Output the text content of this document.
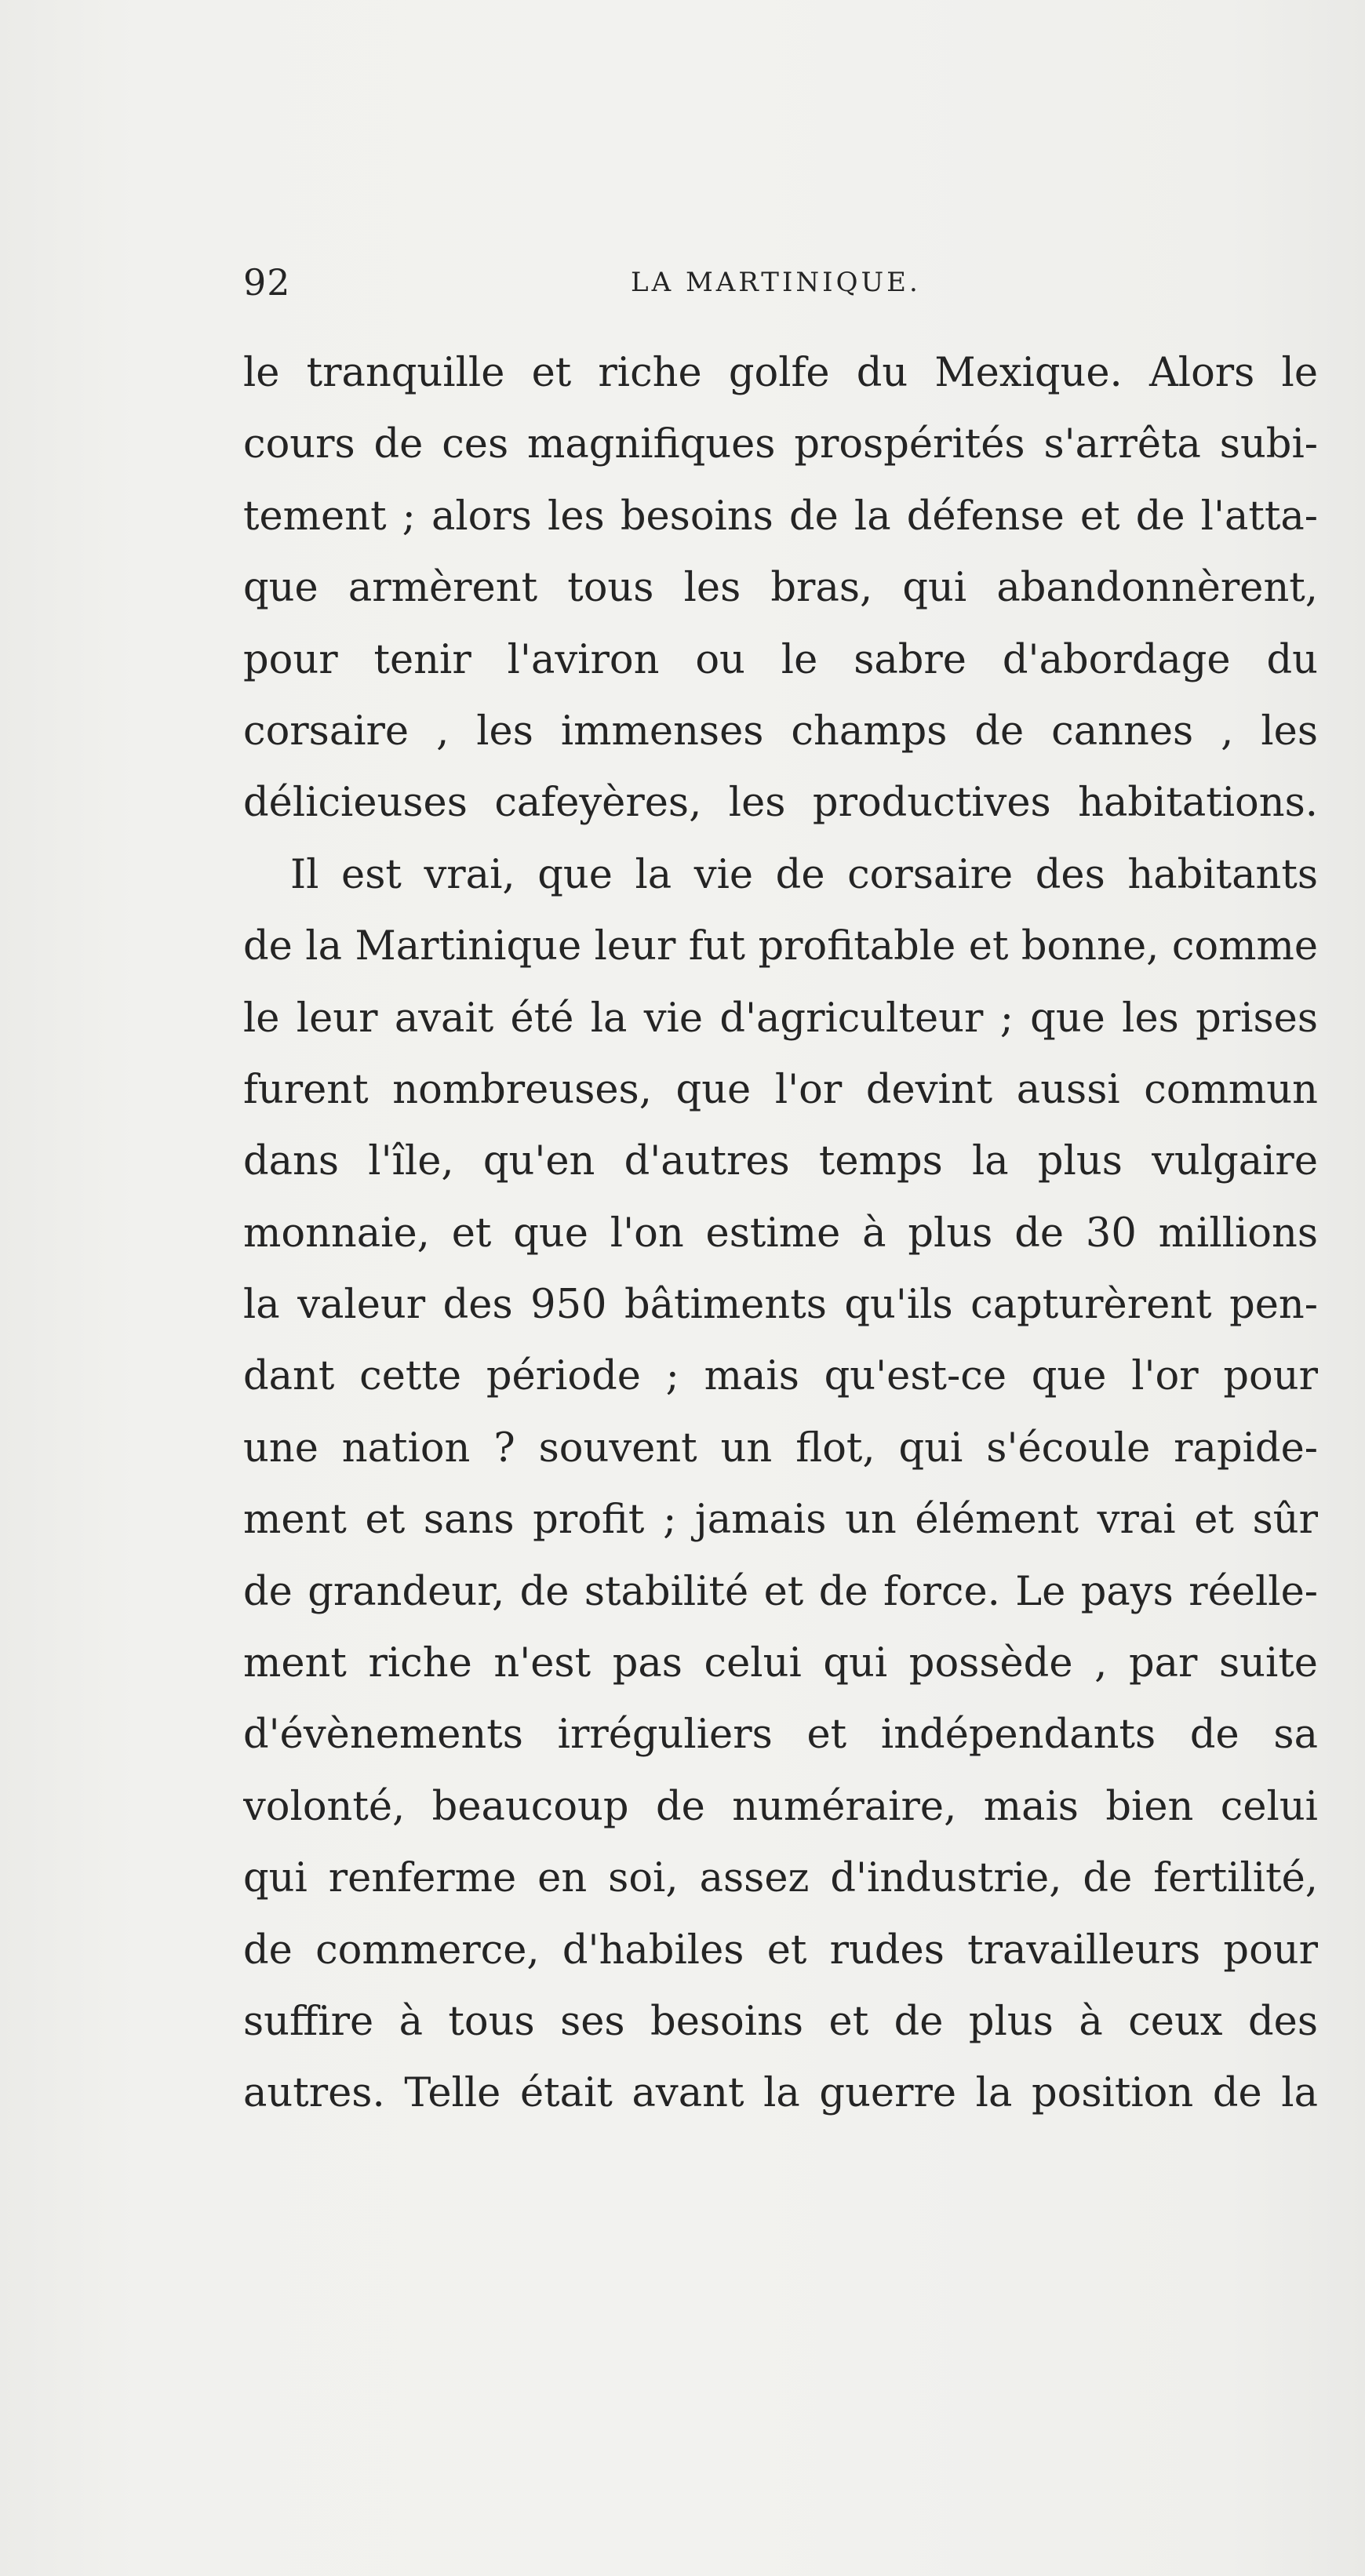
92	LA MARTINIQUE.
le tranquille et riche golfe du Mexique. Alors le
cours de ces magnifiques prospérités s'arrêta subi-
tement ; alors les besoins de la défense et de l'atta-
que armèrent tous les bras, qui abandonnèrent,
pour tenir l'aviron ou le sabre d'abordage du
corsaire , les immenses champs de cannes , les
délicieuses cafeyères, les productives habitations.
Il est vrai, que la vie de corsaire des habitants
de la Martinique leur fut profitable et bonne, comme
le leur avait été la vie d'agriculteur ; que les prises
furent nombreuses, que l'or devint aussi commun
dans l'île, qu'en d'autres temps la plus vulgaire
monnaie, et que l'on estime à plus de 30 millions
la valeur des 950 bâtiments qu'ils capturèrent pen-
dant cette période ; mais qu'est-ce que l'or pour
une nation ? souvent un flot, qui s'écoule rapide-
ment et sans profit ; jamais un élément vrai et sûr
de grandeur, de stabilité et de force. Le pays réelle-
ment riche n'est pas celui qui possède , par suite
d'évènements irréguliers et indépendants de sa
volonté, beaucoup de numéraire, mais bien celui
qui renferme en soi, assez d'industrie, de fertilité,
de commerce, d'habiles et rudes travailleurs pour
suffire à tous ses besoins et de plus à ceux des
autres. Telle était avant la guerre la position de la
